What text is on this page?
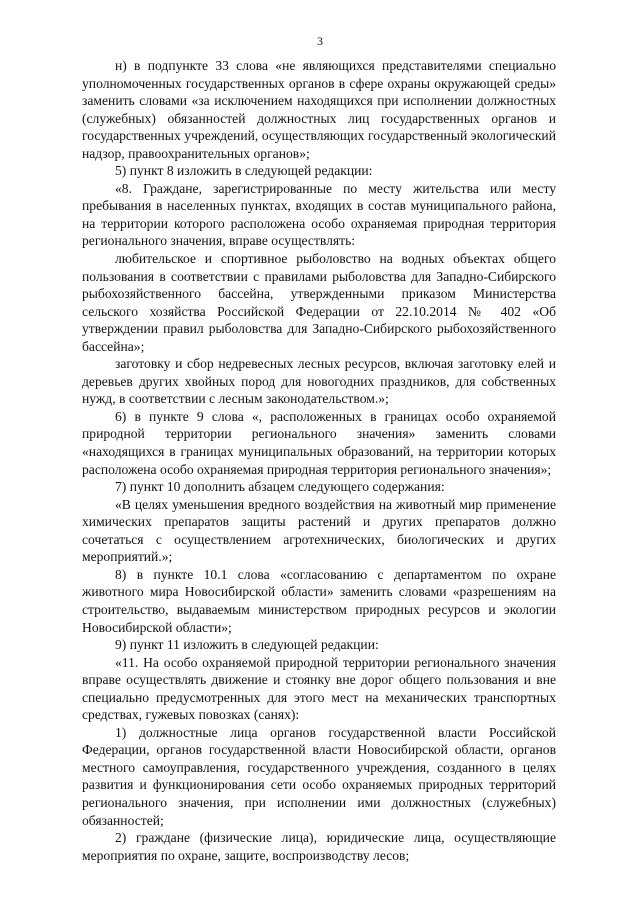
3

н) в подпункте 33 слова «не являющихся представителями специально уполномоченных государственных органов в сфере охраны окружающей среды» заменить словами «за исключением находящихся при исполнении должностных (служебных) обязанностей должностных лиц государственных органов и государственных учреждений, осуществляющих государственный экологический надзор, правоохранительных органов»;

5) пункт 8 изложить в следующей редакции:

«8. Граждане, зарегистрированные по месту жительства или месту пребывания в населенных пунктах, входящих в состав муниципального района, на территории которого расположена особо охраняемая природная территория регионального значения, вправе осуществлять:

любительское и спортивное рыболовство на водных объектах общего пользования в соответствии с правилами рыболовства для Западно-Сибирского рыбохозяйственного бассейна, утвержденными приказом Министерства сельского хозяйства Российской Федерации от 22.10.2014 № 402 «Об утверждении правил рыболовства для Западно-Сибирского рыбохозяйственного бассейна»;

заготовку и сбор недревесных лесных ресурсов, включая заготовку елей и деревьев других хвойных пород для новогодних праздников, для собственных нужд, в соответствии с лесным законодательством.»;

6) в пункте 9 слова «, расположенных в границах особо охраняемой природной территории регионального значения» заменить словами «находящихся в границах муниципальных образований, на территории которых расположена особо охраняемая природная территория регионального значения»;

7) пункт 10 дополнить абзацем следующего содержания:

«В целях уменьшения вредного воздействия на животный мир применение химических препаратов защиты растений и других препаратов должно сочетаться с осуществлением агротехнических, биологических и других мероприятий.»;

8) в пункте 10.1 слова «согласованию с департаментом по охране животного мира Новосибирской области» заменить словами «разрешениям на строительство, выдаваемым министерством природных ресурсов и экологии Новосибирской области»;

9) пункт 11 изложить в следующей редакции:

«11. На особо охраняемой природной территории регионального значения вправе осуществлять движение и стоянку вне дорог общего пользования и вне специально предусмотренных для этого мест на механических транспортных средствах, гужевых повозках (санях):

1) должностные лица органов государственной власти Российской Федерации, органов государственной власти Новосибирской области, органов местного самоуправления, государственного учреждения, созданного в целях развития и функционирования сети особо охраняемых природных территорий регионального значения, при исполнении ими должностных (служебных) обязанностей;

2) граждане (физические лица), юридические лица, осуществляющие мероприятия по охране, защите, воспроизводству лесов;
